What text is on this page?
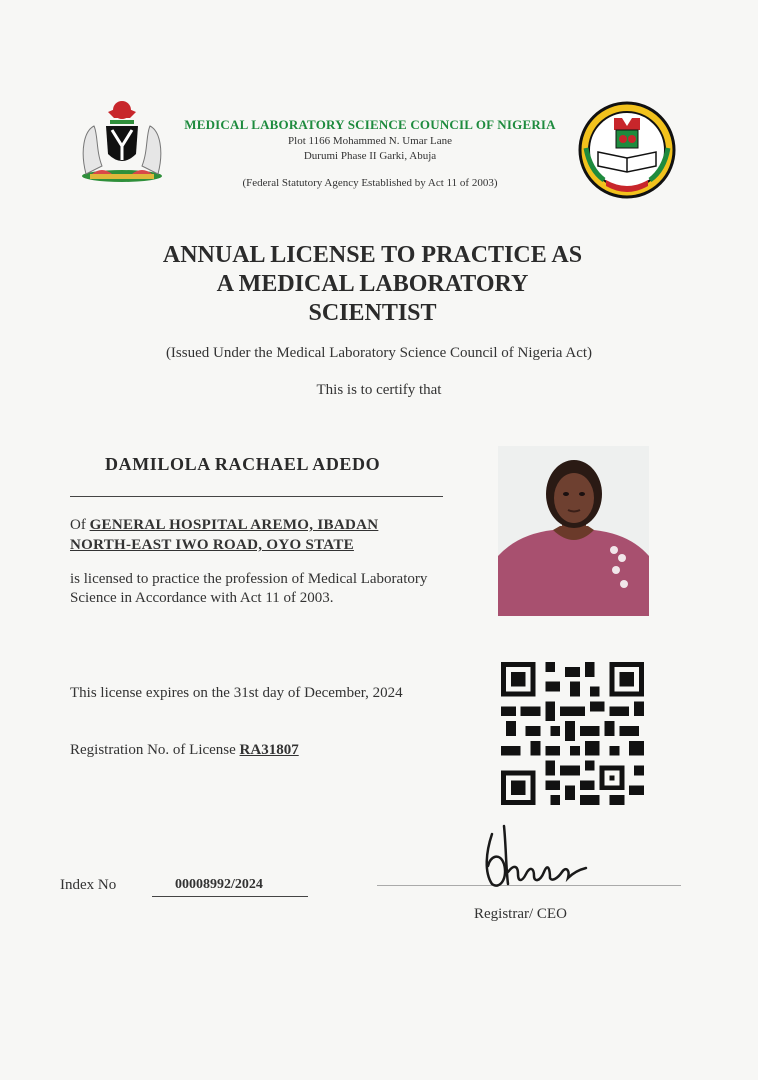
MEDICAL LABORATORY SCIENCE COUNCIL OF NIGERIA
Plot 1166 Mohammed N. Umar Lane
Durumi Phase II Garki, Abuja
(Federal Statutory Agency Established by Act 11 of 2003)
ANNUAL LICENSE TO PRACTICE AS
A MEDICAL LABORATORY
SCIENTIST
(Issued Under the Medical Laboratory Science Council of Nigeria Act)
This is to certify that
DAMILOLA RACHAEL ADEDO
Of GENERAL HOSPITAL AREMO, IBADAN
NORTH-EAST IWO ROAD, OYO STATE
is licensed to practice the profession of Medical Laboratory Science in Accordance with Act 11 of 2003.
This license expires on the 31st day of December, 2024
Registration No. of License RA31807
Index No	00008992/2024
Registrar/ CEO
